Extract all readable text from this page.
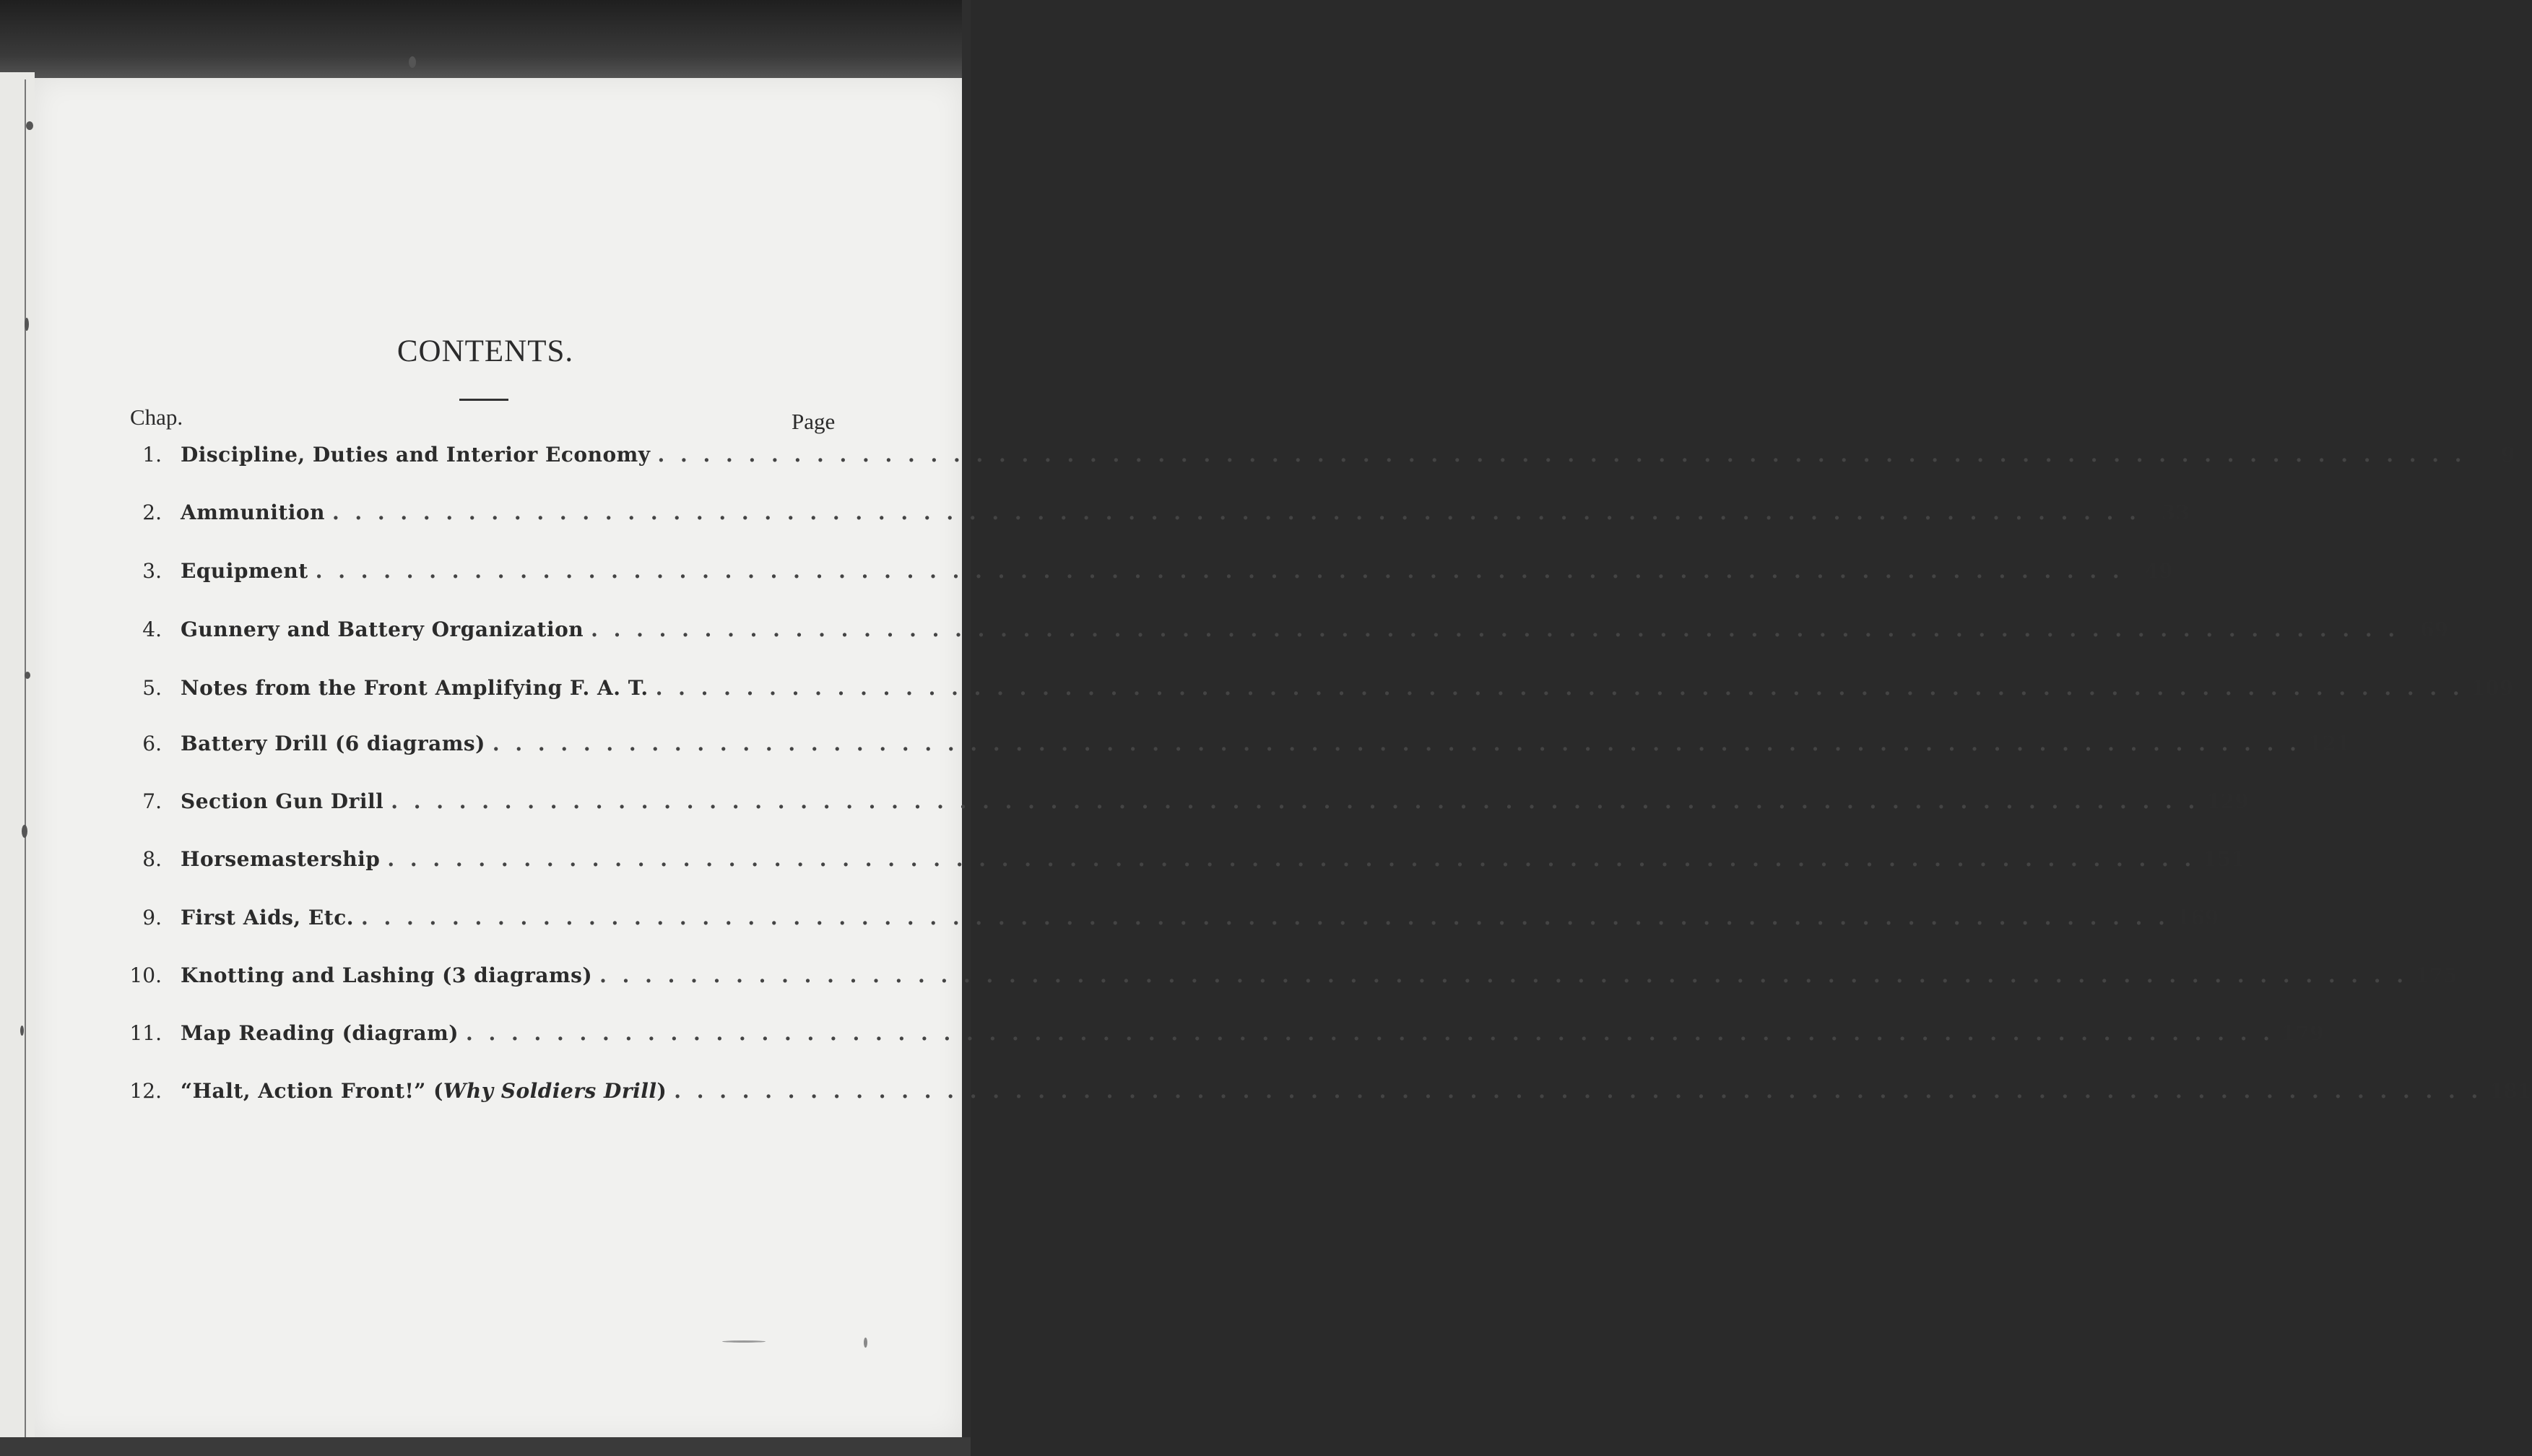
CONTENTS.
Chap.	Page
1. Discipline, Duties and Interior Economy . . . . . . . . . . . . . . . . . . . . . . . . . . . . . . . . . . . . . . . . . . . . . . . . . . . . . . . . . . . . . . . . . . . . . . . . . . . . . . . .	9
2. Ammunition . . . . . . . . . . . . . . . . . . . . . . . . . . . . . . . . . . . . . . . . . . . . . . . . . . . . . . . . . . . . . . . . . . . . . . . . . . . . . . . .	33
3. Equipment . . . . . . . . . . . . . . . . . . . . . . . . . . . . . . . . . . . . . . . . . . . . . . . . . . . . . . . . . . . . . . . . . . . . . . . . . . . . . . . .	49
4. Gunnery and Battery Organization . . . . . . . . . . . . . . . . . . . . . . . . . . . . . . . . . . . . . . . . . . . . . . . . . . . . . . . . . . . . . . . . . . . . . . . . . . . . . . . .	69
5. Notes from the Front Amplifying F. A. T. . . . . . . . . . . . . . . . . . . . . . . . . . . . . . . . . . . . . . . . . . . . . . . . . . . . . . . . . . . . . . . . . . . . . . . . . . . . . . . . . 109
6. Battery Drill (6 diagrams) . . . . . . . . . . . . . . . . . . . . . . . . . . . . . . . . . . . . . . . . . . . . . . . . . . . . . . . . . . . . . . . . . . . . . . . . . . . . . . . . 121
7. Section Gun Drill . . . . . . . . . . . . . . . . . . . . . . . . . . . . . . . . . . . . . . . . . . . . . . . . . . . . . . . . . . . . . . . . . . . . . . . . . . . . . . . . 129
8. Horsemastership . . . . . . . . . . . . . . . . . . . . . . . . . . . . . . . . . . . . . . . . . . . . . . . . . . . . . . . . . . . . . . . . . . . . . . . . . . . . . . . . 151
9. First Aids, Etc. . . . . . . . . . . . . . . . . . . . . . . . . . . . . . . . . . . . . . . . . . . . . . . . . . . . . . . . . . . . . . . . . . . . . . . . . . . . . . . . . 169
10. Knotting and Lashing (3 diagrams) . . . . . . . . . . . . . . . . . . . . . . . . . . . . . . . . . . . . . . . . . . . . . . . . . . . . . . . . . . . . . . . . . . . . . . . . . . . . . . . . 175
11. Map Reading (diagram) . . . . . . . . . . . . . . . . . . . . . . . . . . . . . . . . . . . . . . . . . . . . . . . . . . . . . . . . . . . . . . . . . . . . . . . . . . . . . . . . 179
12. “Halt, Action Front!” (Why Soldiers Drill) . . . . . . . . . . . . . . . . . . . . . . . . . . . . . . . . . . . . . . . . . . . . . . . . . . . . . . . . . . . . . . . . . . . . . . . . . . . . . . . . 181
